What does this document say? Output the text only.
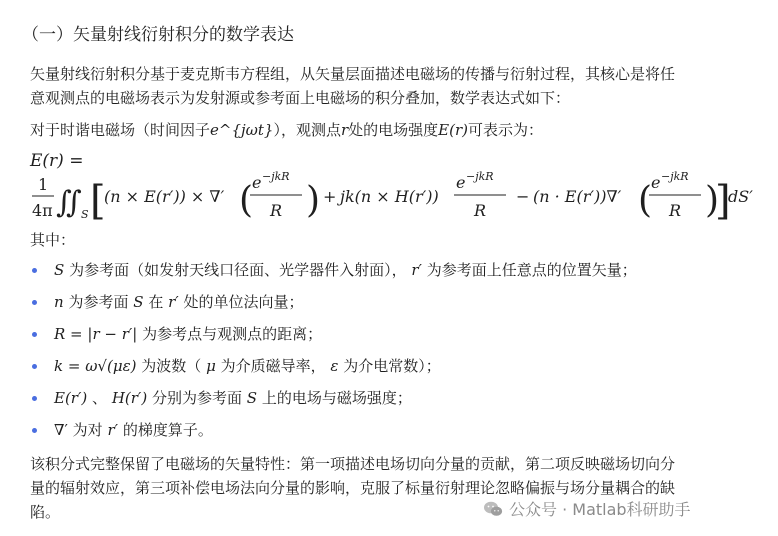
（一）矢量射线衍射积分的数学表达
矢量射线衍射积分基于麦克斯韦方程组，从矢量层面描述电磁场的传播与衍射过程，其核心是将任
意观测点的电磁场表示为发射源或参考面上电磁场的积分叠加，数学表达式如下：
对于时谐电磁场（时间因子e^{jωt}），观测点r处的电场强度E(r)可表示为：
E(r) =
1
4π ∬ S [
(n × E(r′)) × ∇′ (
e −jkR
R ) + jk(n × H(r′))
e −jkR
R
− (n · E(r′))∇′ (
e −jkR
R )
]
dS′
其中：
S 为参考面（如发射天线口径面、光学器件入射面）， r′ 为参考面上任意点的位置矢量；
n 为参考面 S 在 r′ 处的单位法向量；
R = |r − r′| 为参考点与观测点的距离；
k = ω√(με) 为波数（ μ 为介质磁导率， ε 为介电常数）；
E(r′) 、 H(r′) 分别为参考面 S 上的电场与磁场强度；
∇′ 为对 r′ 的梯度算子。
该积分式完整保留了电磁场的矢量特性：第一项描述电场切向分量的贡献，第二项反映磁场切向分
量的辐射效应，第三项补偿电场法向分量的影响，克服了标量衍射理论忽略偏振与场分量耦合的缺
陷。	公众号 · Matlab科研助手
